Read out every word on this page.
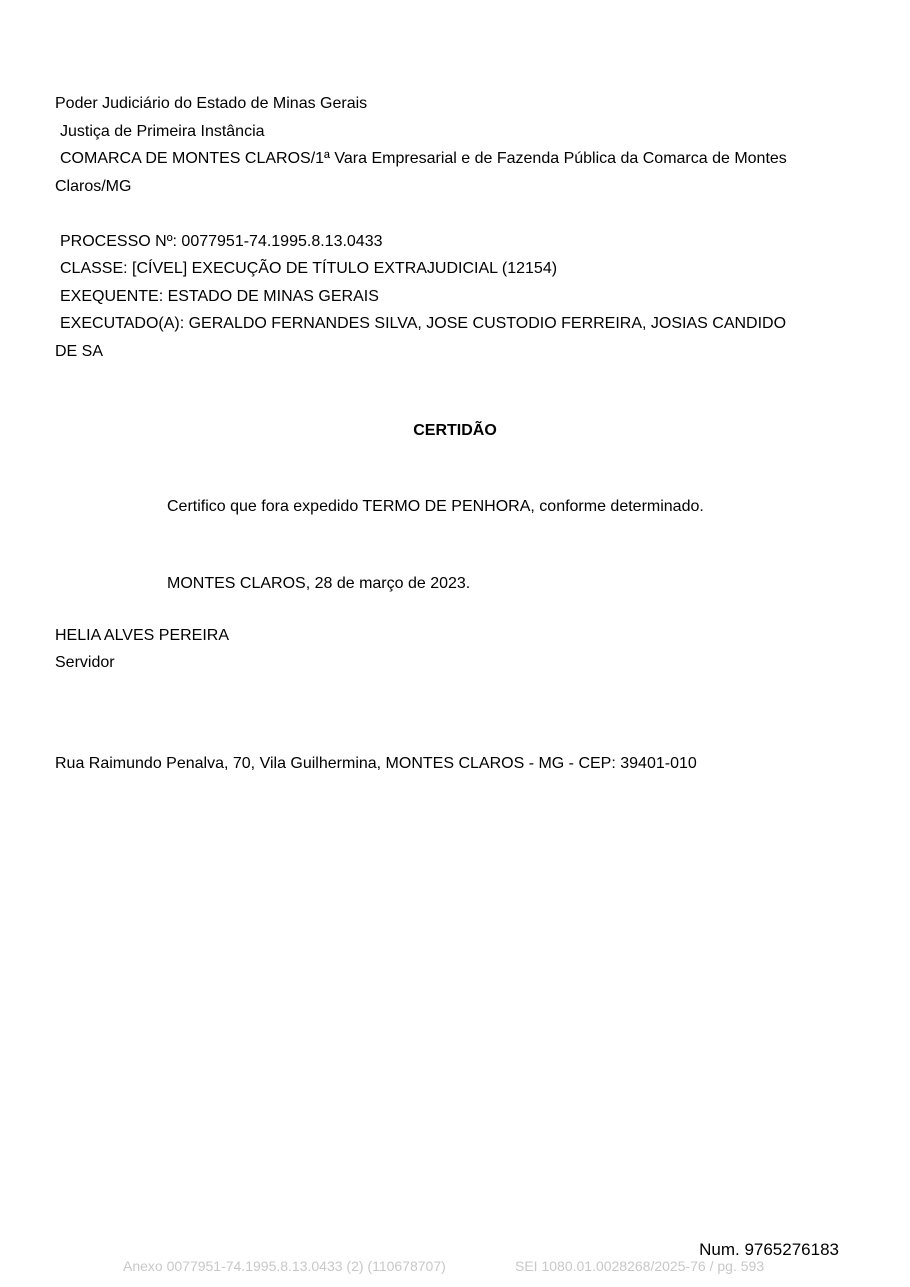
Poder Judiciário do Estado de Minas Gerais
Justiça de Primeira Instância
COMARCA DE MONTES CLAROS/1ª Vara Empresarial e de Fazenda Pública da Comarca de Montes
Claros/MG
PROCESSO Nº: 0077951-74.1995.8.13.0433
CLASSE: [CÍVEL] EXECUÇÃO DE TÍTULO EXTRAJUDICIAL (12154)
EXEQUENTE: ESTADO DE MINAS GERAIS
EXECUTADO(A): GERALDO FERNANDES SILVA, JOSE CUSTODIO FERREIRA, JOSIAS CANDIDO
DE SA
CERTIDÃO
Certifico que fora expedido TERMO DE PENHORA, conforme determinado.
MONTES CLAROS, 28 de março de 2023.
HELIA ALVES PEREIRA
Servidor
Rua Raimundo Penalva, 70, Vila Guilhermina, MONTES CLAROS - MG - CEP: 39401-010
Num. 9765276183
Anexo 0077951-74.1995.8.13.0433 (2) (110678707)	SEI 1080.01.0028268/2025-76 / pg. 593
